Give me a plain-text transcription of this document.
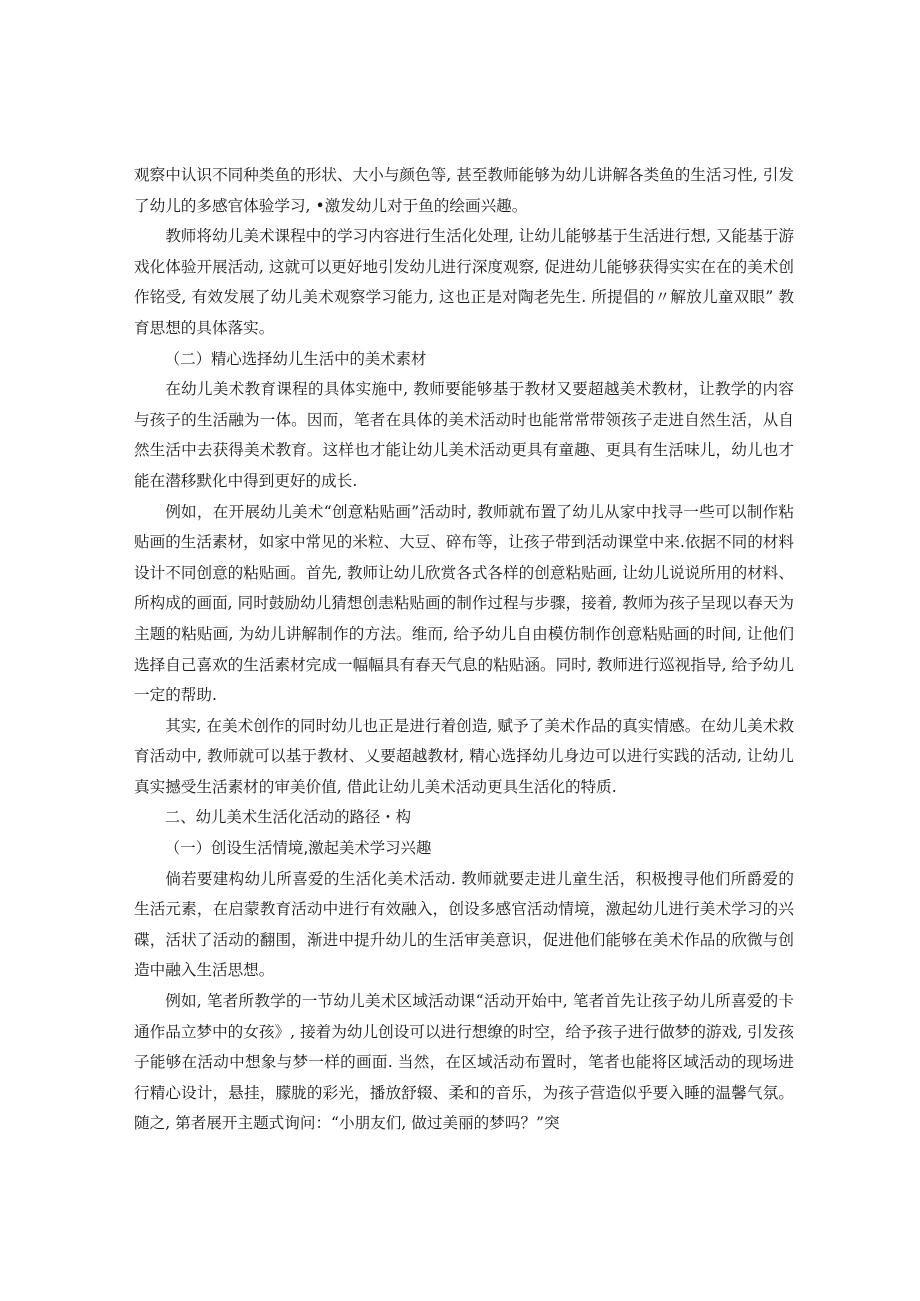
观察中认识不同种类鱼的形状、大小与颜色等, 甚至教师能够为幼儿讲解各类鱼的生活习性, 引发了幼儿的多感官体验学习, •激发幼儿对于鱼的绘画兴趣。

教师将幼儿美术课程中的学习内容进行生活化处理, 让幼儿能够基于生活进行想, 又能基于游戏化体验开展活动, 这就可以更好地引发幼儿进行深度观察, 促进幼儿能够获得实实在在的美术创作铭受, 有效发展了幼儿美术观察学习能力, 这也正是对陶老先生. 所提倡的〃解放儿童双眼” 教育思想的具体落实。

（二）精心选择幼儿生活中的美术素材

在幼儿美术教育课程的具体实施中, 教师要能够基于教材又要超越美术教材，让教学的内容与孩子的生活融为一体。因而，笔者在具体的美术活动时也能常常带领孩子走进自然生活，从自然生活中去获得美术教育。这样也才能让幼儿美术活动更具有童趣、更具有生活味儿，幼儿也才能在潜移默化中得到更好的成长.

例如，在开展幼儿美术“创意粘贴画”活动时, 教师就布置了幼儿从家中找寻一些可以制作粘贴画的生活素材，如家中常见的米粒、大豆、碎布等，让孩子带到活动课堂中来.依据不同的材料设计不同创意的粘贴画。首先, 教师让幼儿欣赏各式各样的创意粘贴画, 让幼儿说说所用的材料、所构成的画面, 同时鼓励幼儿猜想创恚粘贴画的制作过程与步骤，接着, 教师为孩子呈现以春天为主题的粘贴画, 为幼儿讲解制作的方法。维而, 给予幼儿自由模仿制作创意粘贴画的时间, 让他们选择自己喜欢的生活素材完成一幅幅具有春天气息的粘贴涵。同时, 教师进行巡视指导, 给予幼儿一定的帮助.

其实, 在美术创作的同时幼儿也正是进行着创造, 赋予了美术作品的真实情感。在幼儿美术救育活动中, 教师就可以基于教材、乂要超越教材, 精心选择幼儿身边可以进行实践的活动, 让幼儿真实撼受生活素材的审美价值, 借此让幼儿美术活动更具生活化的特质.

二、幼儿美术生活化活动的路径・构

（一）创设生活情境,激起美术学习兴趣

倘若要建构幼儿所喜爱的生活化美术活动. 教师就要走进儿童生活，积极搜寻他们所爵爱的生活元素，在启蒙教育活动中进行有效融入，创设多感官活动情境，激起幼儿进行美术学习的兴碟，活状了活动的翻围，渐进中提升幼儿的生活审美意识，促进他们能够在美术作品的欣微与创造中融入生活思想。

例如, 笔者所教学的一节幼儿美术区域活动课“活动开始中, 笔者首先让孩子幼儿所喜爱的卡通作品立梦中的女孩》, 接着为幼儿创设可以进行想缭的时空，给予孩子进行做梦的游戏, 引发孩子能够在活动中想象与梦一样的画面. 当然，在区域活动布置时，笔者也能将区域活动的现场进行精心设计，悬挂，朦胧的彩光，播放舒辍、柔和的音乐，为孩子营造似乎要入睡的温馨气氛。随之, 第者展开主题式询问：“小朋友们, 做过美丽的梦吗？”突
